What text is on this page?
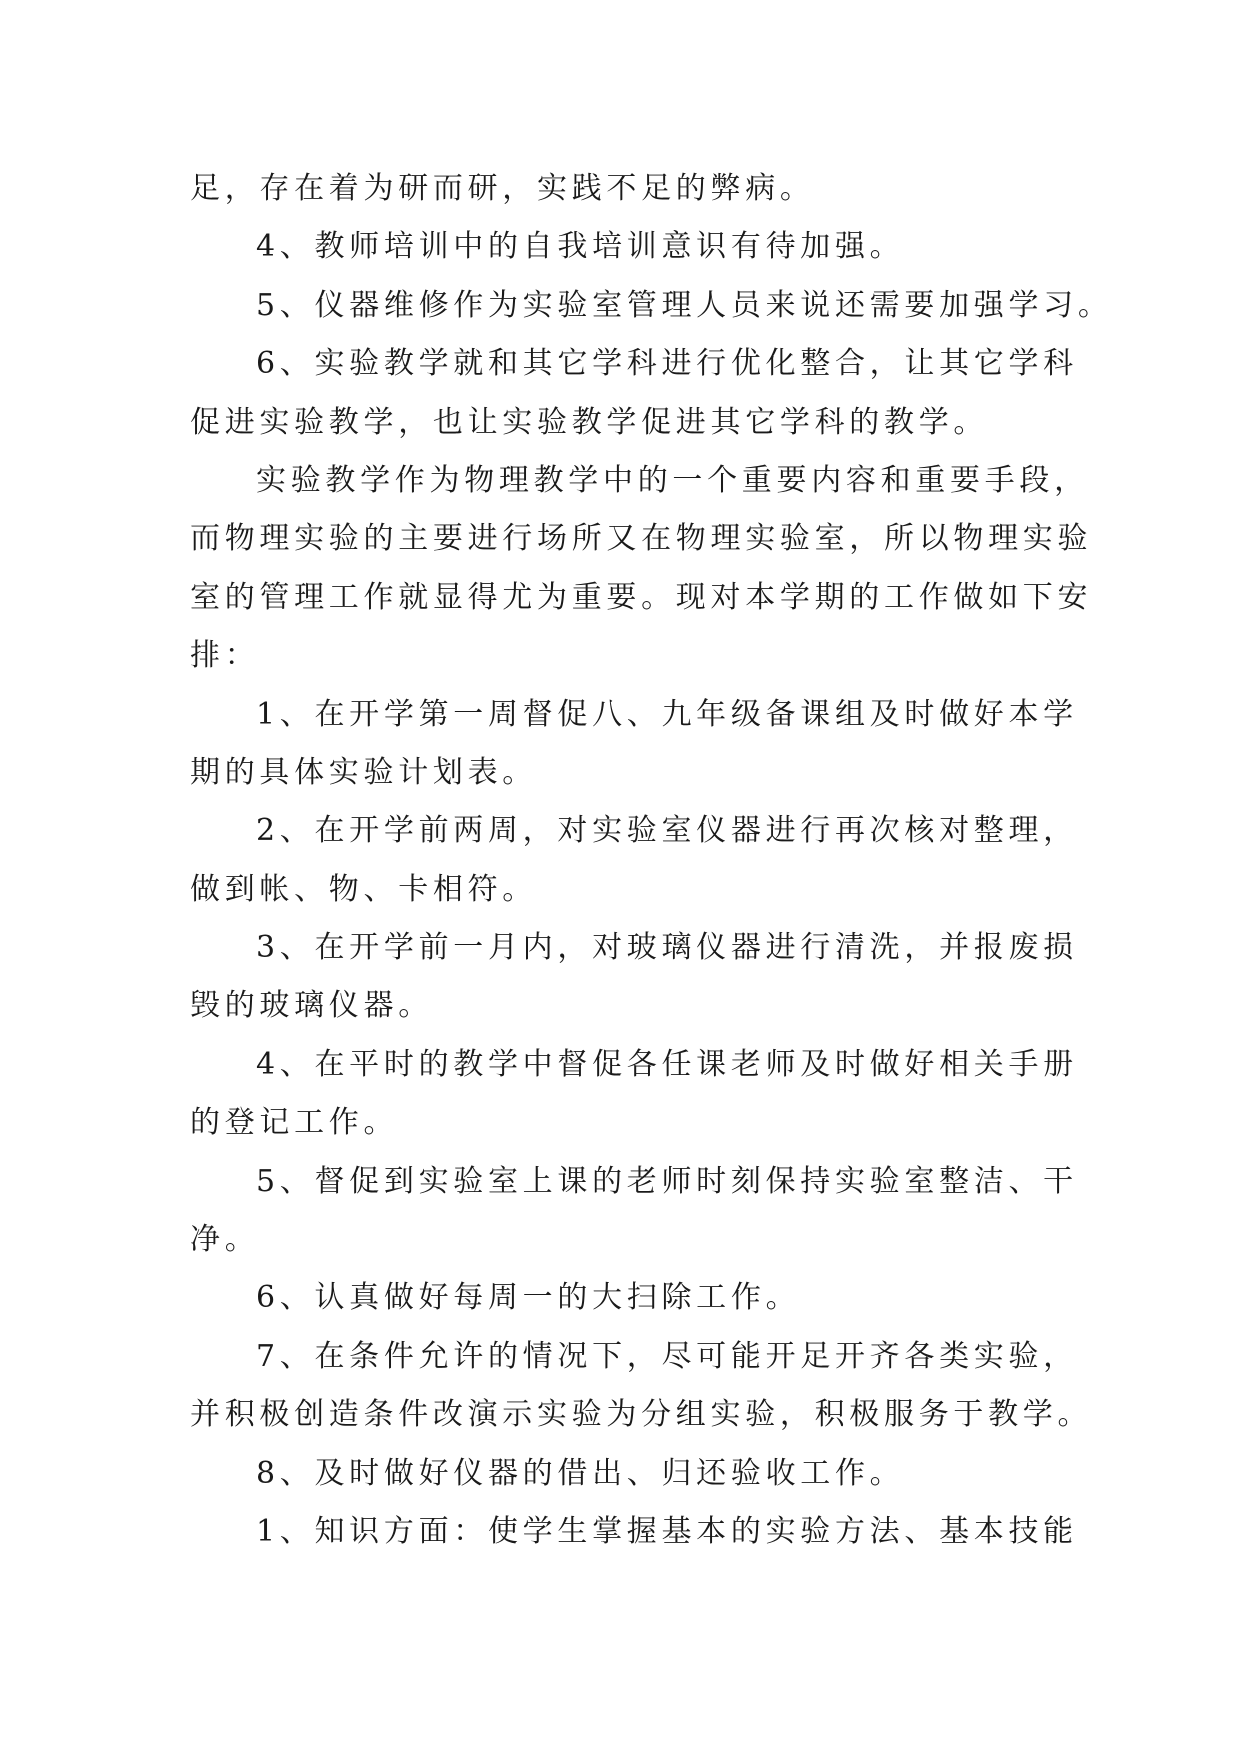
足，存在着为研而研，实践不足的弊病。
4、教师培训中的自我培训意识有待加强。
5、仪器维修作为实验室管理人员来说还需要加强学习。
6、实验教学就和其它学科进行优化整合，让其它学科
促进实验教学，也让实验教学促进其它学科的教学。
实验教学作为物理教学中的一个重要内容和重要手段，
而物理实验的主要进行场所又在物理实验室，所以物理实验
室的管理工作就显得尤为重要。现对本学期的工作做如下安
排：
1、在开学第一周督促八、九年级备课组及时做好本学
期的具体实验计划表。
2、在开学前两周，对实验室仪器进行再次核对整理，
做到帐、物、卡相符。
3、在开学前一月内，对玻璃仪器进行清洗，并报废损
毁的玻璃仪器。
4、在平时的教学中督促各任课老师及时做好相关手册
的登记工作。
5、督促到实验室上课的老师时刻保持实验室整洁、干
净。
6、认真做好每周一的大扫除工作。
7、在条件允许的情况下，尽可能开足开齐各类实验，
并积极创造条件改演示实验为分组实验，积极服务于教学。
8、及时做好仪器的借出、归还验收工作。
1、知识方面：使学生掌握基本的实验方法、基本技能
